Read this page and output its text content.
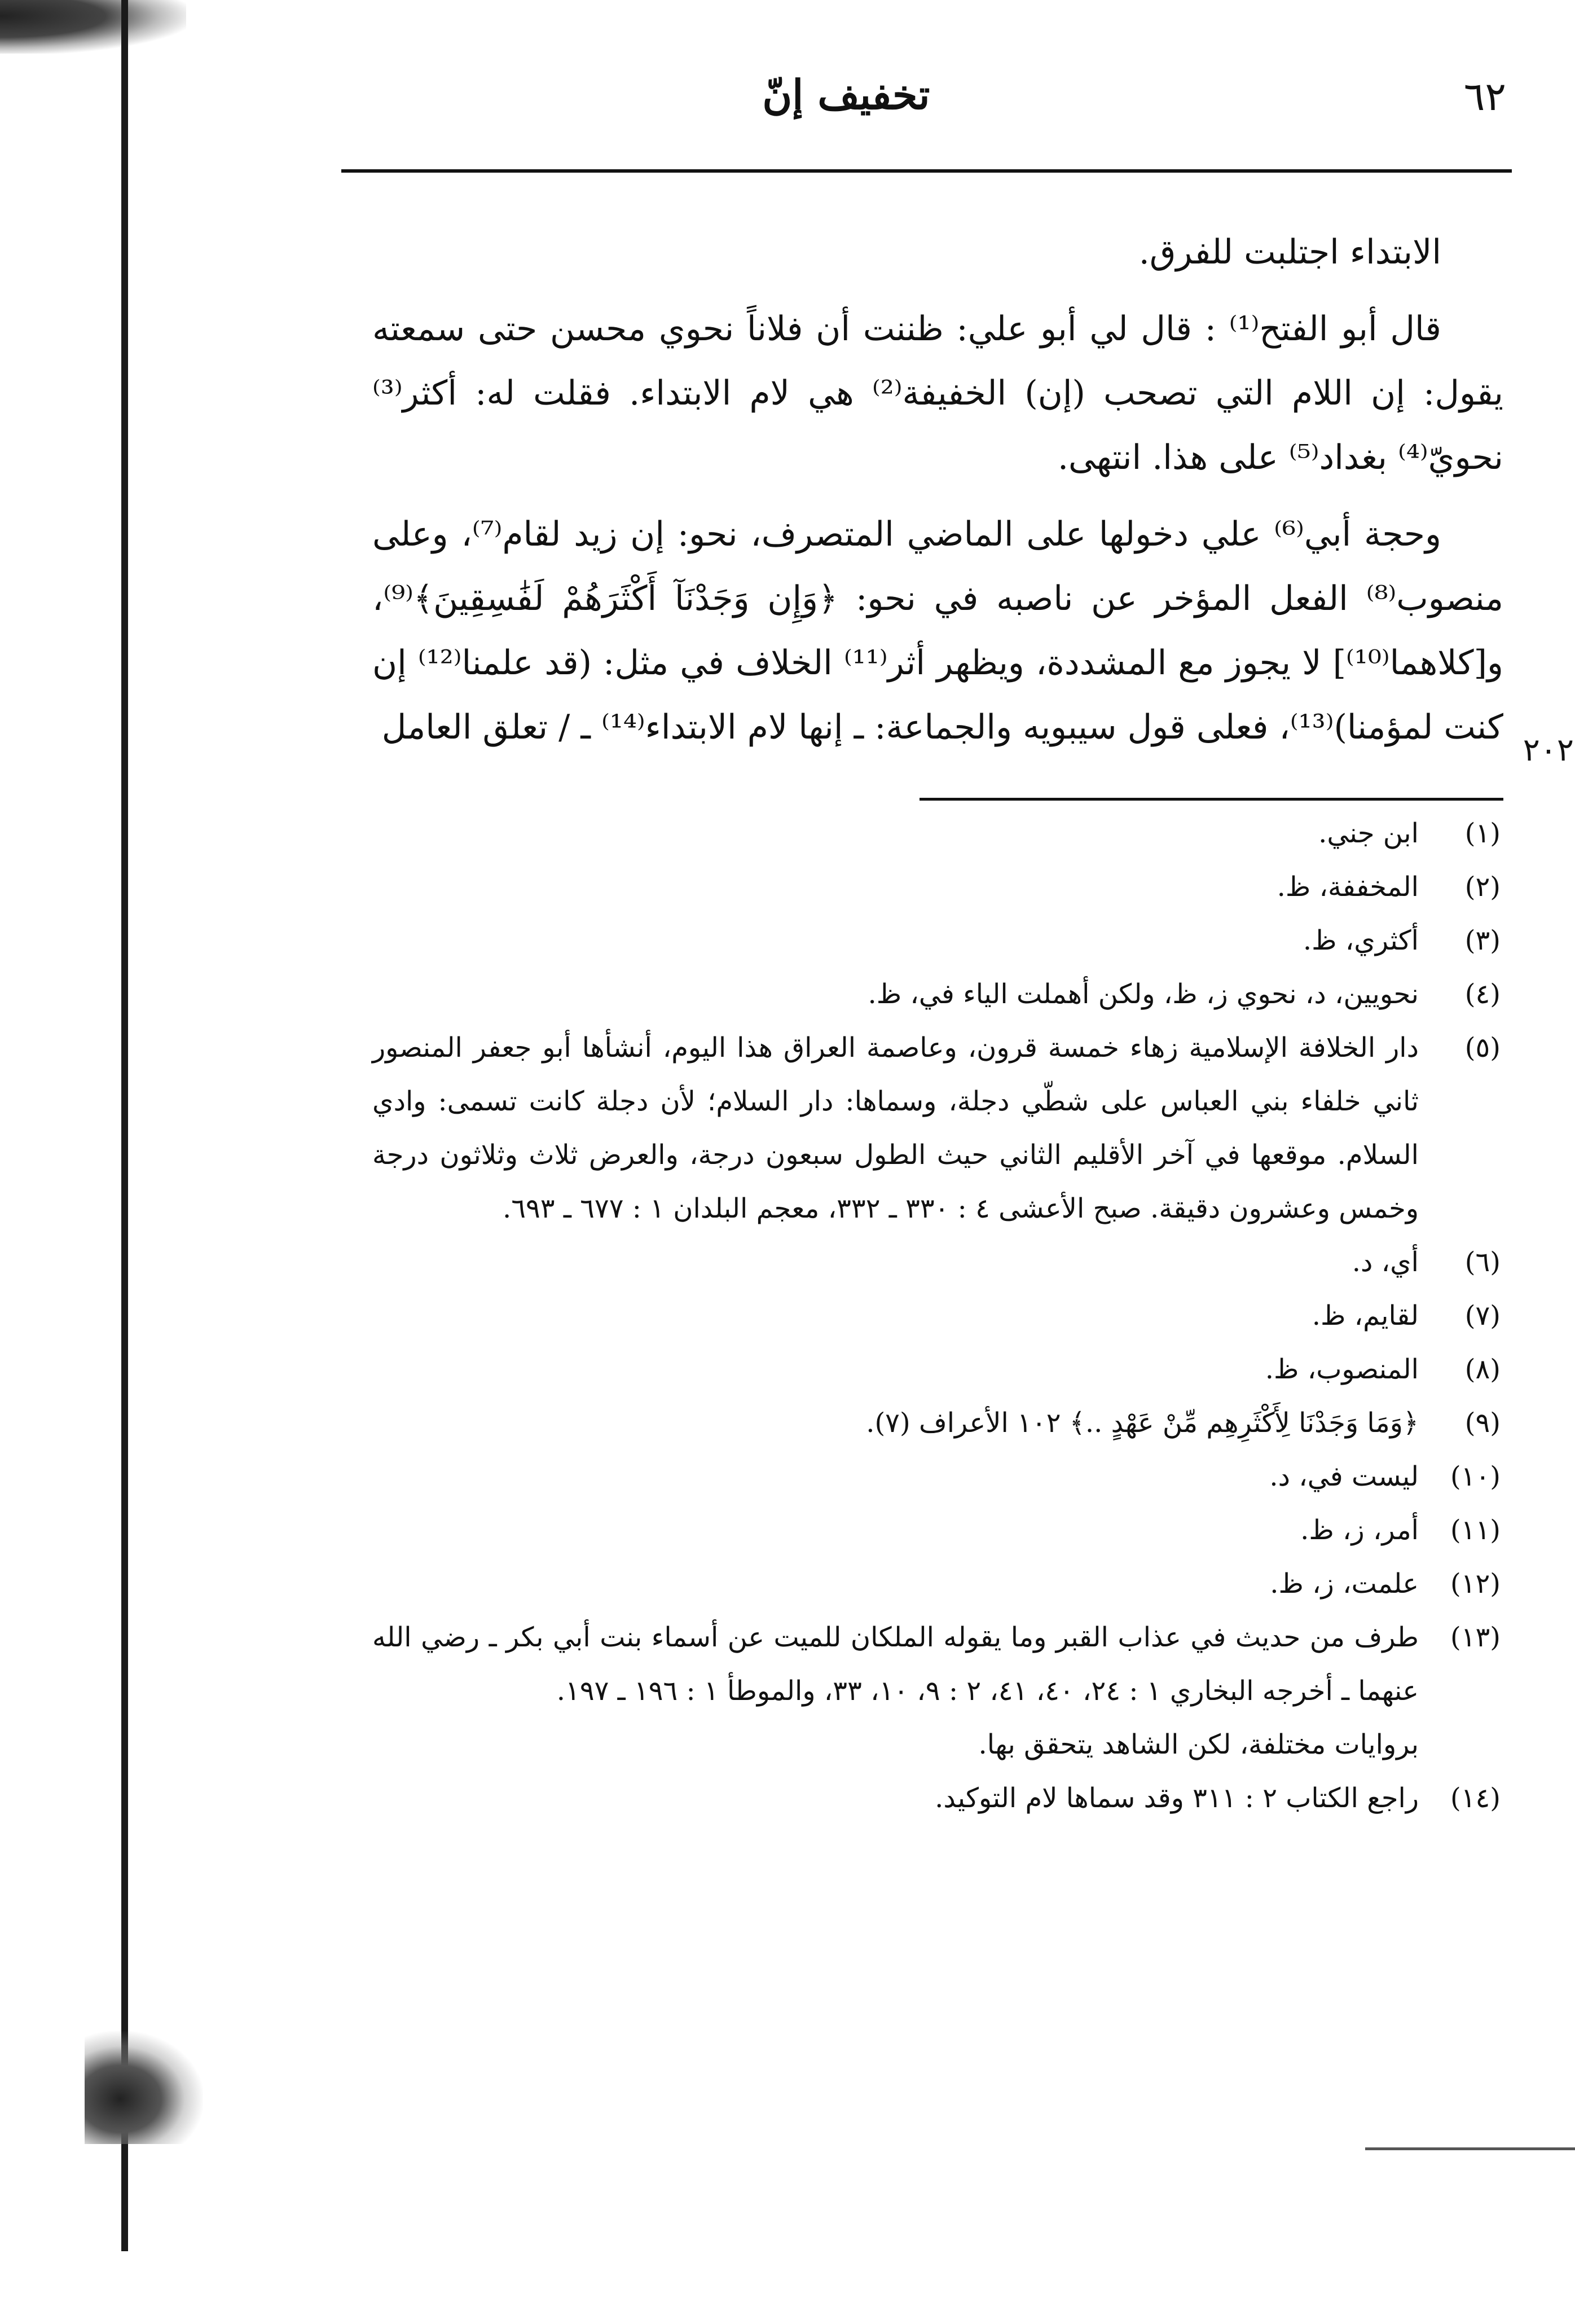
٦٢
تخفيف إنّ

الابتداء اجتلبت للفرق.

قال أبو الفتح⁽¹⁾ : قال لي أبو علي: ظننت أن فلاناً نحوي محسن حتى سمعته يقول: إن اللام التي تصحب (إن) الخفيفة⁽²⁾ هي لام الابتداء. فقلت له: أكثر⁽³⁾ نحويّ⁽⁴⁾ بغداد⁽⁵⁾ على هذا. انتهى.

وحجة أبي⁽⁶⁾ علي دخولها على الماضي المتصرف، نحو: إن زيد لقام⁽⁷⁾، وعلى منصوب⁽⁸⁾ الفعل المؤخر عن ناصبه في نحو: ﴿وَإِن وَجَدْنَآ أَكْثَرَهُمْ لَفَٰسِقِينَ﴾⁽⁹⁾، و[كلاهما⁽¹⁰⁾] لا يجوز مع المشددة، ويظهر أثر⁽¹¹⁾ الخلاف في مثل: (قد علمنا⁽¹²⁾ إن كنت لمؤمنا)⁽¹³⁾، فعلى قول سيبويه والجماعة: ـ إنها لام الابتداء⁽¹⁴⁾ ـ / تعلق العامل

٢٠٢
(١)
ابن جني.
(٢)
المخففة، ظ.
(٣)
أكثري، ظ.
(٤)
نحويين، د، نحوي ز، ظ، ولكن أهملت الياء في، ظ.
(٥)
دار الخلافة الإسلامية زهاء خمسة قرون، وعاصمة العراق هذا اليوم، أنشأها أبو جعفر المنصور ثاني خلفاء بني العباس على شطّي دجلة، وسماها: دار السلام؛ لأن دجلة كانت تسمى: وادي السلام. موقعها في آخر الأقليم الثاني حيث الطول سبعون درجة، والعرض ثلاث وثلاثون درجة وخمس وعشرون دقيقة. صبح الأعشى ٤ : ٣٣٠ ـ ٣٣٢، معجم البلدان ١ : ٦٧٧ ـ ٦٩٣.
(٦)
أي، د.
(٧)
لقايم، ظ.
(٨)
المنصوب، ظ.
(٩)
﴿وَمَا وَجَدْنَا لِأَكْثَرِهِم مِّنْ عَهْدٍ ..﴾ ١٠٢ الأعراف (٧).
(١٠)
ليست في، د.
(١١)
أمر، ز، ظ.
(١٢)
علمت، ز، ظ.
(١٣)
طرف من حديث في عذاب القبر وما يقوله الملكان للميت عن أسماء بنت أبي بكر ـ رضي الله عنهما ـ أخرجه البخاري ١ : ٢٤، ٤٠، ٤١، ٢ : ٩، ١٠، ٣٣، والموطأ ١ : ١٩٦ ـ ١٩٧.
بروايات مختلفة، لكن الشاهد يتحقق بها.
(١٤)
راجع الكتاب ٢ : ٣١١ وقد سماها لام التوكيد.
